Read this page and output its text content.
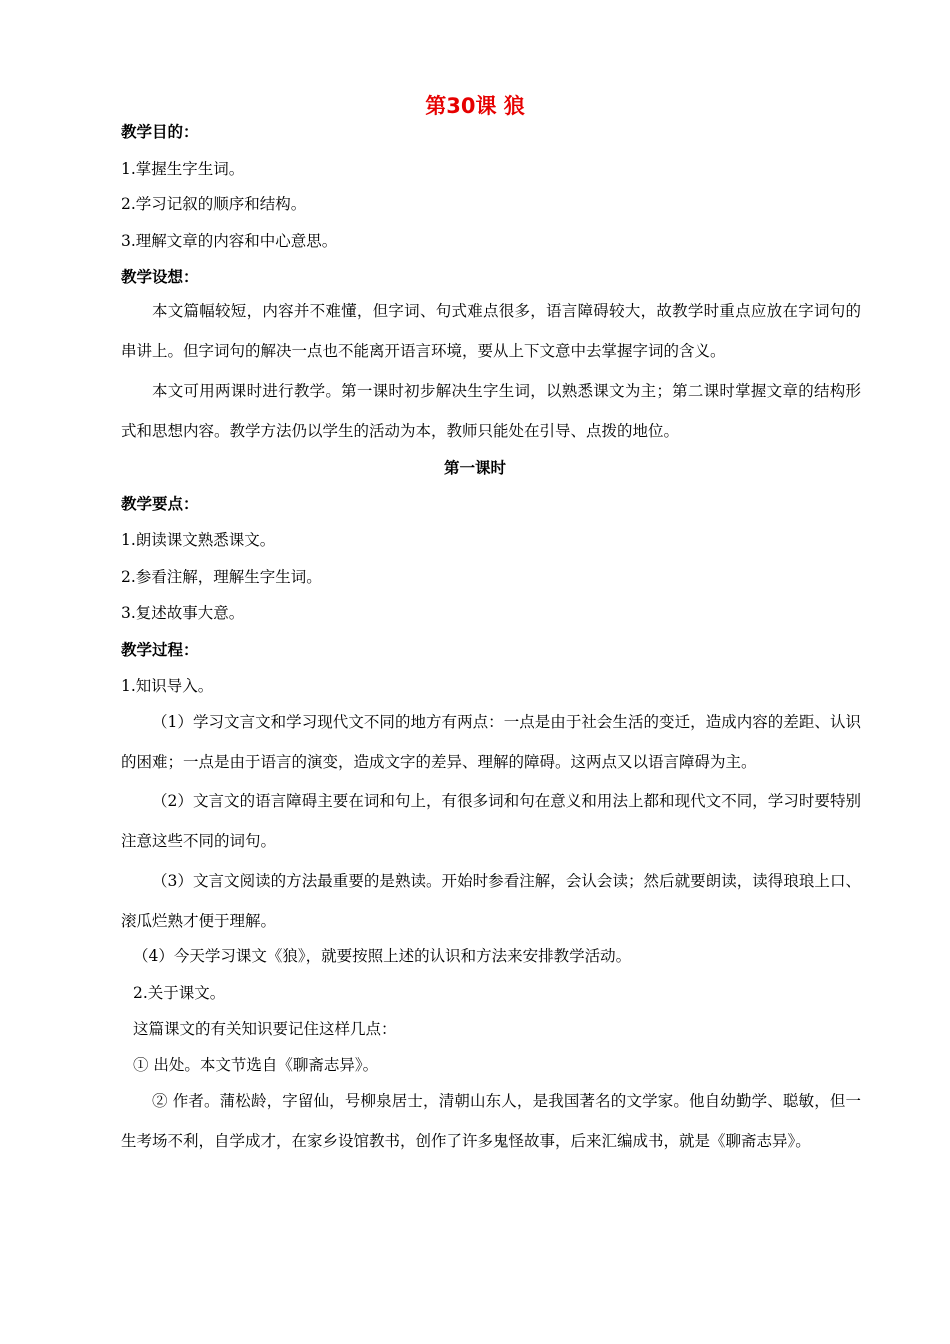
第30课 狼

教学目的：

1.掌握生字生词。

2.学习记叙的顺序和结构。

3.理解文章的内容和中心意思。

教学设想：

本文篇幅较短，内容并不难懂，但字词、句式难点很多，语言障碍较大，故教学时重点应放在字词句的串讲上。但字词句的解决一点也不能离开语言环境，要从上下文意中去掌握字词的含义。

本文可用两课时进行教学。第一课时初步解决生字生词，以熟悉课文为主；第二课时掌握文章的结构形式和思想内容。教学方法仍以学生的活动为本，教师只能处在引导、点拨的地位。

第一课时

教学要点：

1.朗读课文熟悉课文。

2.参看注解，理解生字生词。

3.复述故事大意。

教学过程：

1.知识导入。

（1）学习文言文和学习现代文不同的地方有两点：一点是由于社会生活的变迁，造成内容的差距、认识的困难；一点是由于语言的演变，造成文字的差异、理解的障碍。这两点又以语言障碍为主。

（2）文言文的语言障碍主要在词和句上，有很多词和句在意义和用法上都和现代文不同，学习时要特别注意这些不同的词句。

（3）文言文阅读的方法最重要的是熟读。开始时参看注解，会认会读；然后就要朗读，读得琅琅上口、滚瓜烂熟才便于理解。

（4）今天学习课文《狼》，就要按照上述的认识和方法来安排教学活动。

2.关于课文。

这篇课文的有关知识要记住这样几点：

① 出处。本文节选自《聊斋志异》。

② 作者。蒲松龄，字留仙，号柳泉居士，清朝山东人，是我国著名的文学家。他自幼勤学、聪敏，但一生考场不利，自学成才，在家乡设馆教书，创作了许多鬼怪故事，后来汇编成书，就是《聊斋志异》。
